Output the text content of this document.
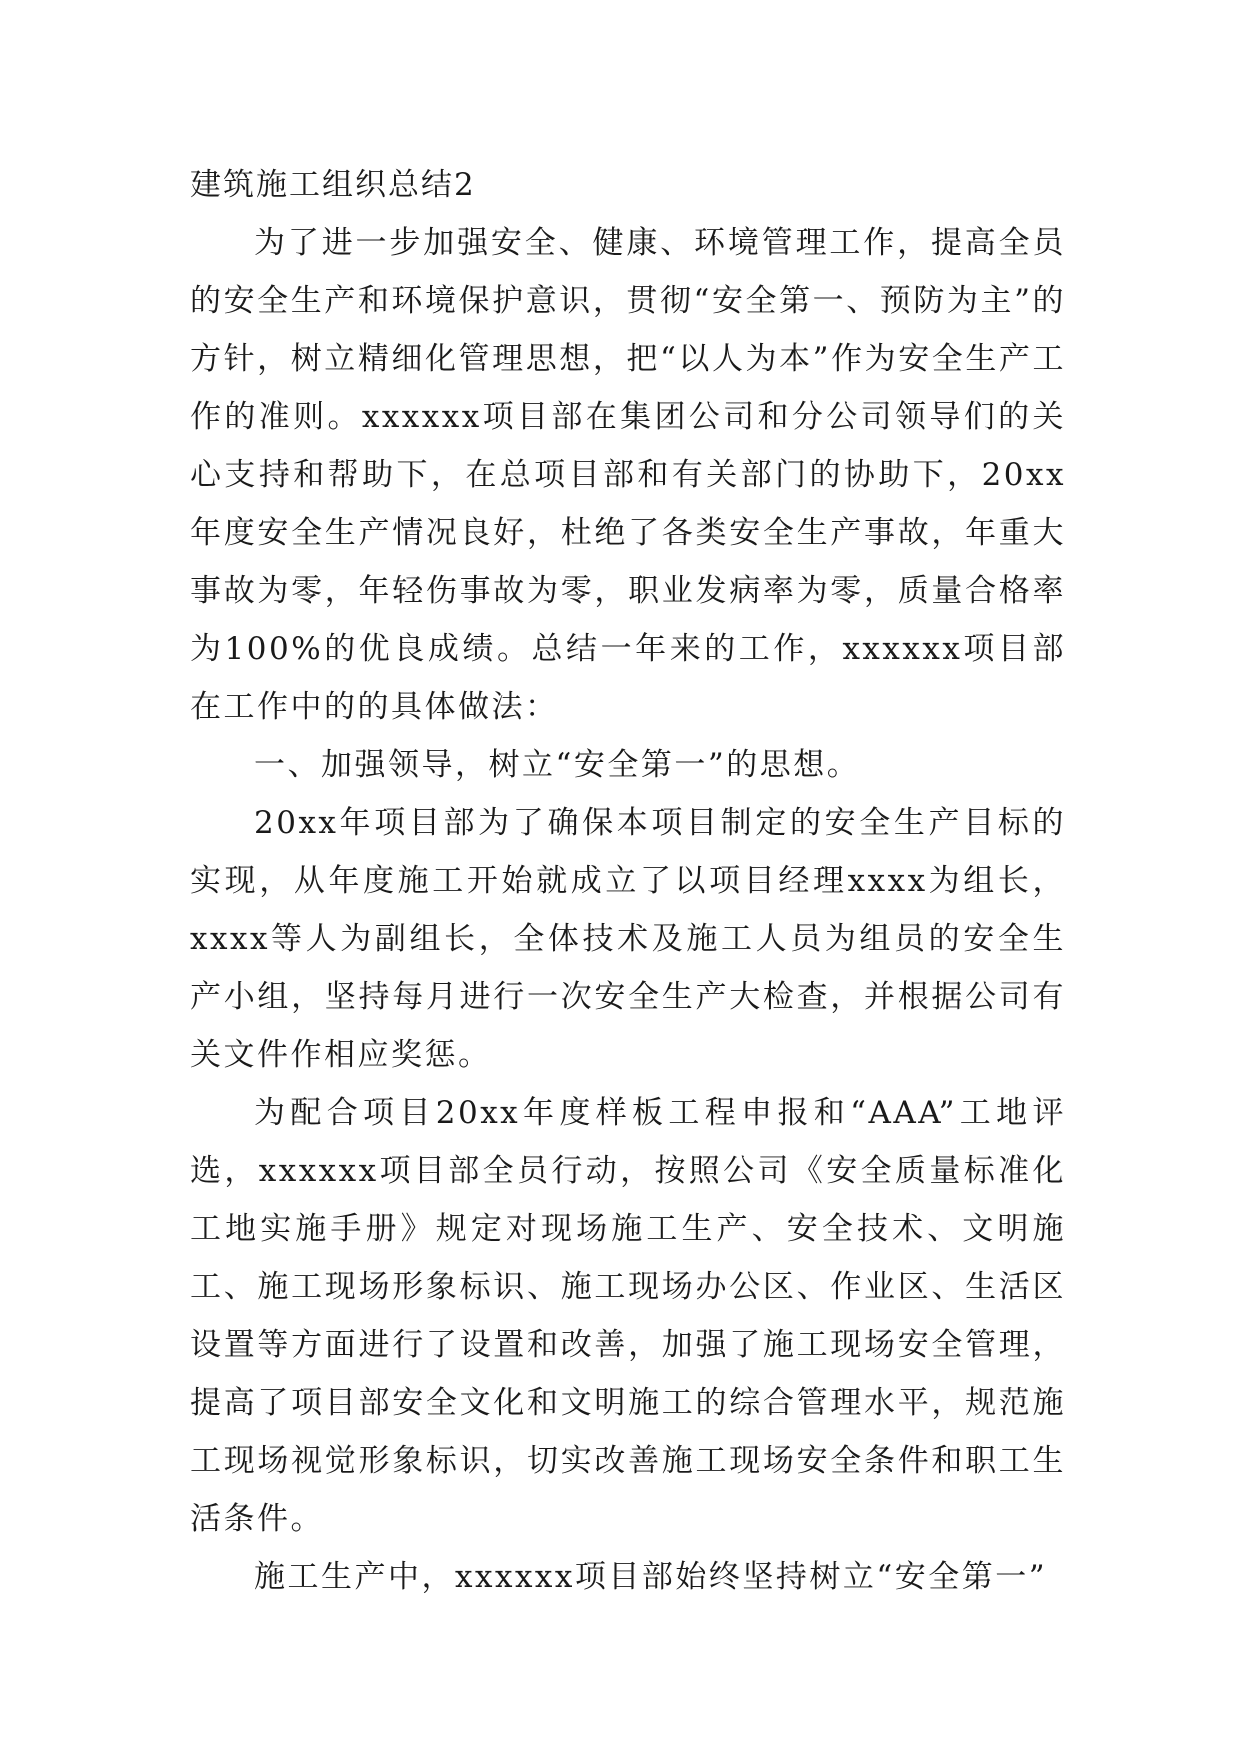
建筑施工组织总结2

为了进一步加强安全、健康、环境管理工作，提高全员的安全生产和环境保护意识，贯彻“安全第一、预防为主”的方针，树立精细化管理思想，把“以人为本”作为安全生产工作的准则。xxxxxx项目部在集团公司和分公司领导们的关心支持和帮助下，在总项目部和有关部门的协助下，20xx年度安全生产情况良好，杜绝了各类安全生产事故，年重大事故为零，年轻伤事故为零，职业发病率为零，质量合格率为100%的优良成绩。总结一年来的工作，xxxxxx项目部在工作中的的具体做法：

一、加强领导，树立“安全第一”的思想。

20xx年项目部为了确保本项目制定的安全生产目标的实现，从年度施工开始就成立了以项目经理xxxx为组长，xxxx等人为副组长，全体技术及施工人员为组员的安全生产小组，坚持每月进行一次安全生产大检查，并根据公司有关文件作相应奖惩。

为配合项目20xx年度样板工程申报和“AAA”工地评选，xxxxxx项目部全员行动，按照公司《安全质量标准化工地实施手册》规定对现场施工生产、安全技术、文明施工、施工现场形象标识、施工现场办公区、作业区、生活区设置等方面进行了设置和改善，加强了施工现场安全管理，提高了项目部安全文化和文明施工的综合管理水平，规范施工现场视觉形象标识，切实改善施工现场安全条件和职工生活条件。

施工生产中，xxxxxx项目部始终坚持树立“安全第一”
